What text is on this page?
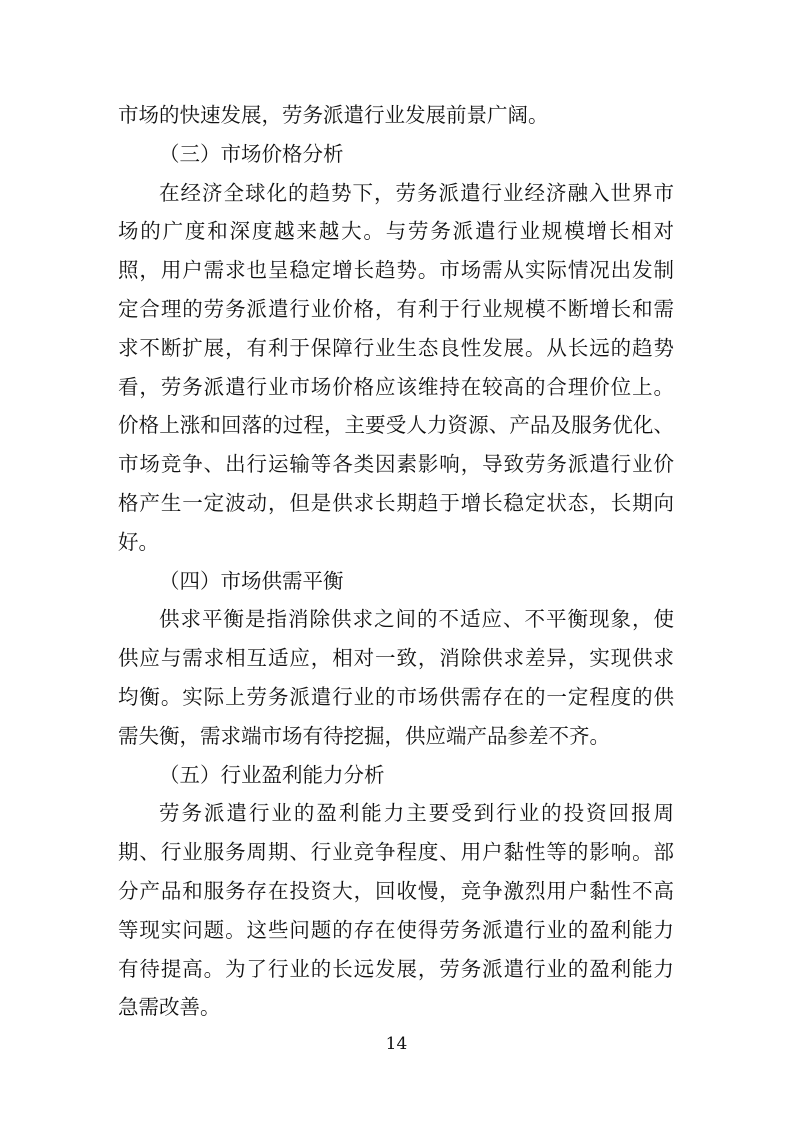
市场的快速发展，劳务派遣行业发展前景广阔。
（三）市场价格分析
在经济全球化的趋势下，劳务派遣行业经济融入世界市
场的广度和深度越来越大。与劳务派遣行业规模增长相对
照，用户需求也呈稳定增长趋势。市场需从实际情况出发制
定合理的劳务派遣行业价格，有利于行业规模不断增长和需
求不断扩展，有利于保障行业生态良性发展。从长远的趋势
看，劳务派遣行业市场价格应该维持在较高的合理价位上。
价格上涨和回落的过程，主要受人力资源、产品及服务优化、
市场竞争、出行运输等各类因素影响，导致劳务派遣行业价
格产生一定波动，但是供求长期趋于增长稳定状态，长期向
好。
（四）市场供需平衡
供求平衡是指消除供求之间的不适应、不平衡现象，使
供应与需求相互适应，相对一致，消除供求差异，实现供求
均衡。实际上劳务派遣行业的市场供需存在的一定程度的供
需失衡，需求端市场有待挖掘，供应端产品参差不齐。
（五）行业盈利能力分析
劳务派遣行业的盈利能力主要受到行业的投资回报周
期、行业服务周期、行业竞争程度、用户黏性等的影响。部
分产品和服务存在投资大，回收慢，竞争激烈用户黏性不高
等现实问题。这些问题的存在使得劳务派遣行业的盈利能力
有待提高。为了行业的长远发展，劳务派遣行业的盈利能力
急需改善。
14
